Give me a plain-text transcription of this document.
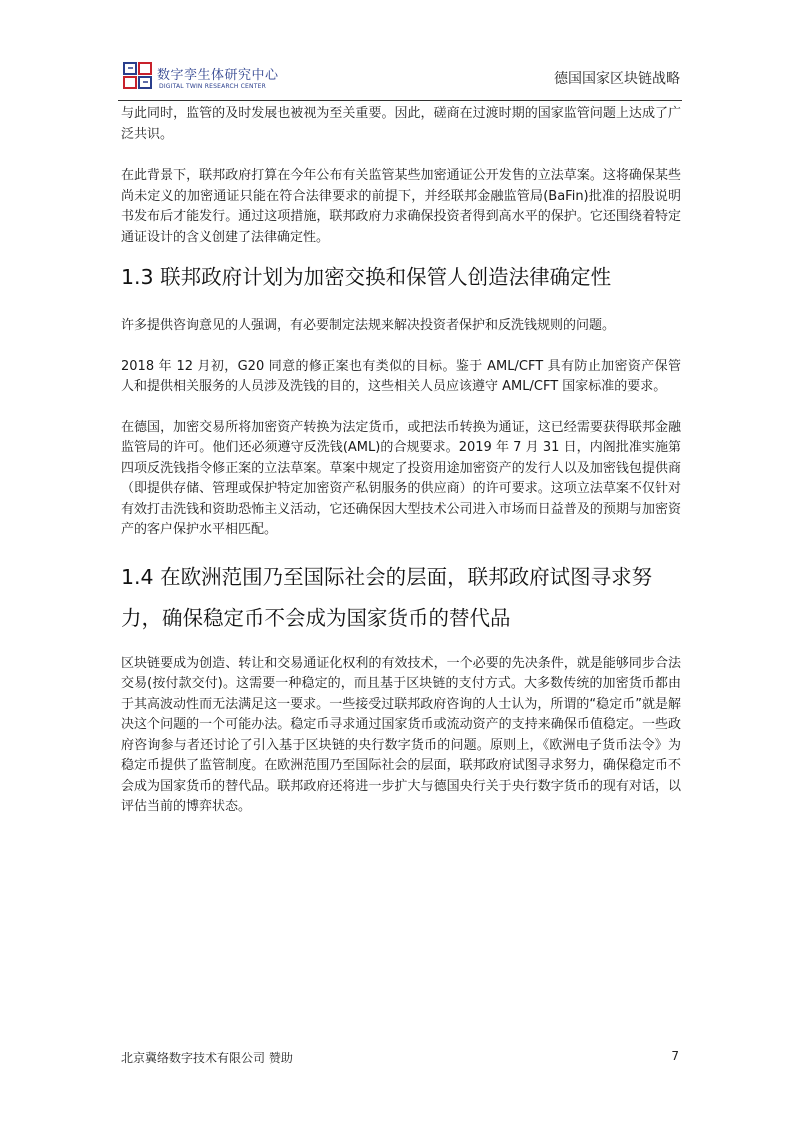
数字孪生体研究中心
DIGITAL TWIN RESEARCH CENTER	德国国家区块链战略

与此同时，监管的及时发展也被视为至关重要。因此，磋商在过渡时期的国家监管问题上达成了广泛共识。

在此背景下，联邦政府打算在今年公布有关监管某些加密通证公开发售的立法草案。这将确保某些尚未定义的加密通证只能在符合法律要求的前提下，并经联邦金融监管局(BaFin)批准的招股说明书发布后才能发行。通过这项措施，联邦政府力求确保投资者得到高水平的保护。它还围绕着特定通证设计的含义创建了法律确定性。

1.3 联邦政府计划为加密交换和保管人创造法律确定性

许多提供咨询意见的人强调，有必要制定法规来解决投资者保护和反洗钱规则的问题。

2018 年 12 月初，G20 同意的修正案也有类似的目标。鉴于 AML/CFT 具有防止加密资产保管人和提供相关服务的人员涉及洗钱的目的，这些相关人员应该遵守 AML/CFT 国家标准的要求。

在德国，加密交易所将加密资产转换为法定货币，或把法币转换为通证，这已经需要获得联邦金融监管局的许可。他们还必须遵守反洗钱(AML)的合规要求。2019 年 7 月 31 日，内阁批准实施第四项反洗钱指令修正案的立法草案。草案中规定了投资用途加密资产的发行人以及加密钱包提供商（即提供存储、管理或保护特定加密资产私钥服务的供应商）的许可要求。这项立法草案不仅针对有效打击洗钱和资助恐怖主义活动，它还确保因大型技术公司进入市场而日益普及的预期与加密资产的客户保护水平相匹配。

1.4 在欧洲范围乃至国际社会的层面，联邦政府试图寻求努力，确保稳定币不会成为国家货币的替代品

区块链要成为创造、转让和交易通证化权利的有效技术，一个必要的先决条件，就是能够同步合法交易(按付款交付)。这需要一种稳定的，而且基于区块链的支付方式。大多数传统的加密货币都由于其高波动性而无法满足这一要求。一些接受过联邦政府咨询的人士认为，所谓的“稳定币”就是解决这个问题的一个可能办法。稳定币寻求通过国家货币或流动资产的支持来确保币值稳定。一些政府咨询参与者还讨论了引入基于区块链的央行数字货币的问题。原则上，《欧洲电子货币法令》为稳定币提供了监管制度。在欧洲范围乃至国际社会的层面，联邦政府试图寻求努力，确保稳定币不会成为国家货币的替代品。联邦政府还将进一步扩大与德国央行关于央行数字货币的现有对话，以评估当前的博弈状态。

北京冀络数字技术有限公司 赞助	7
